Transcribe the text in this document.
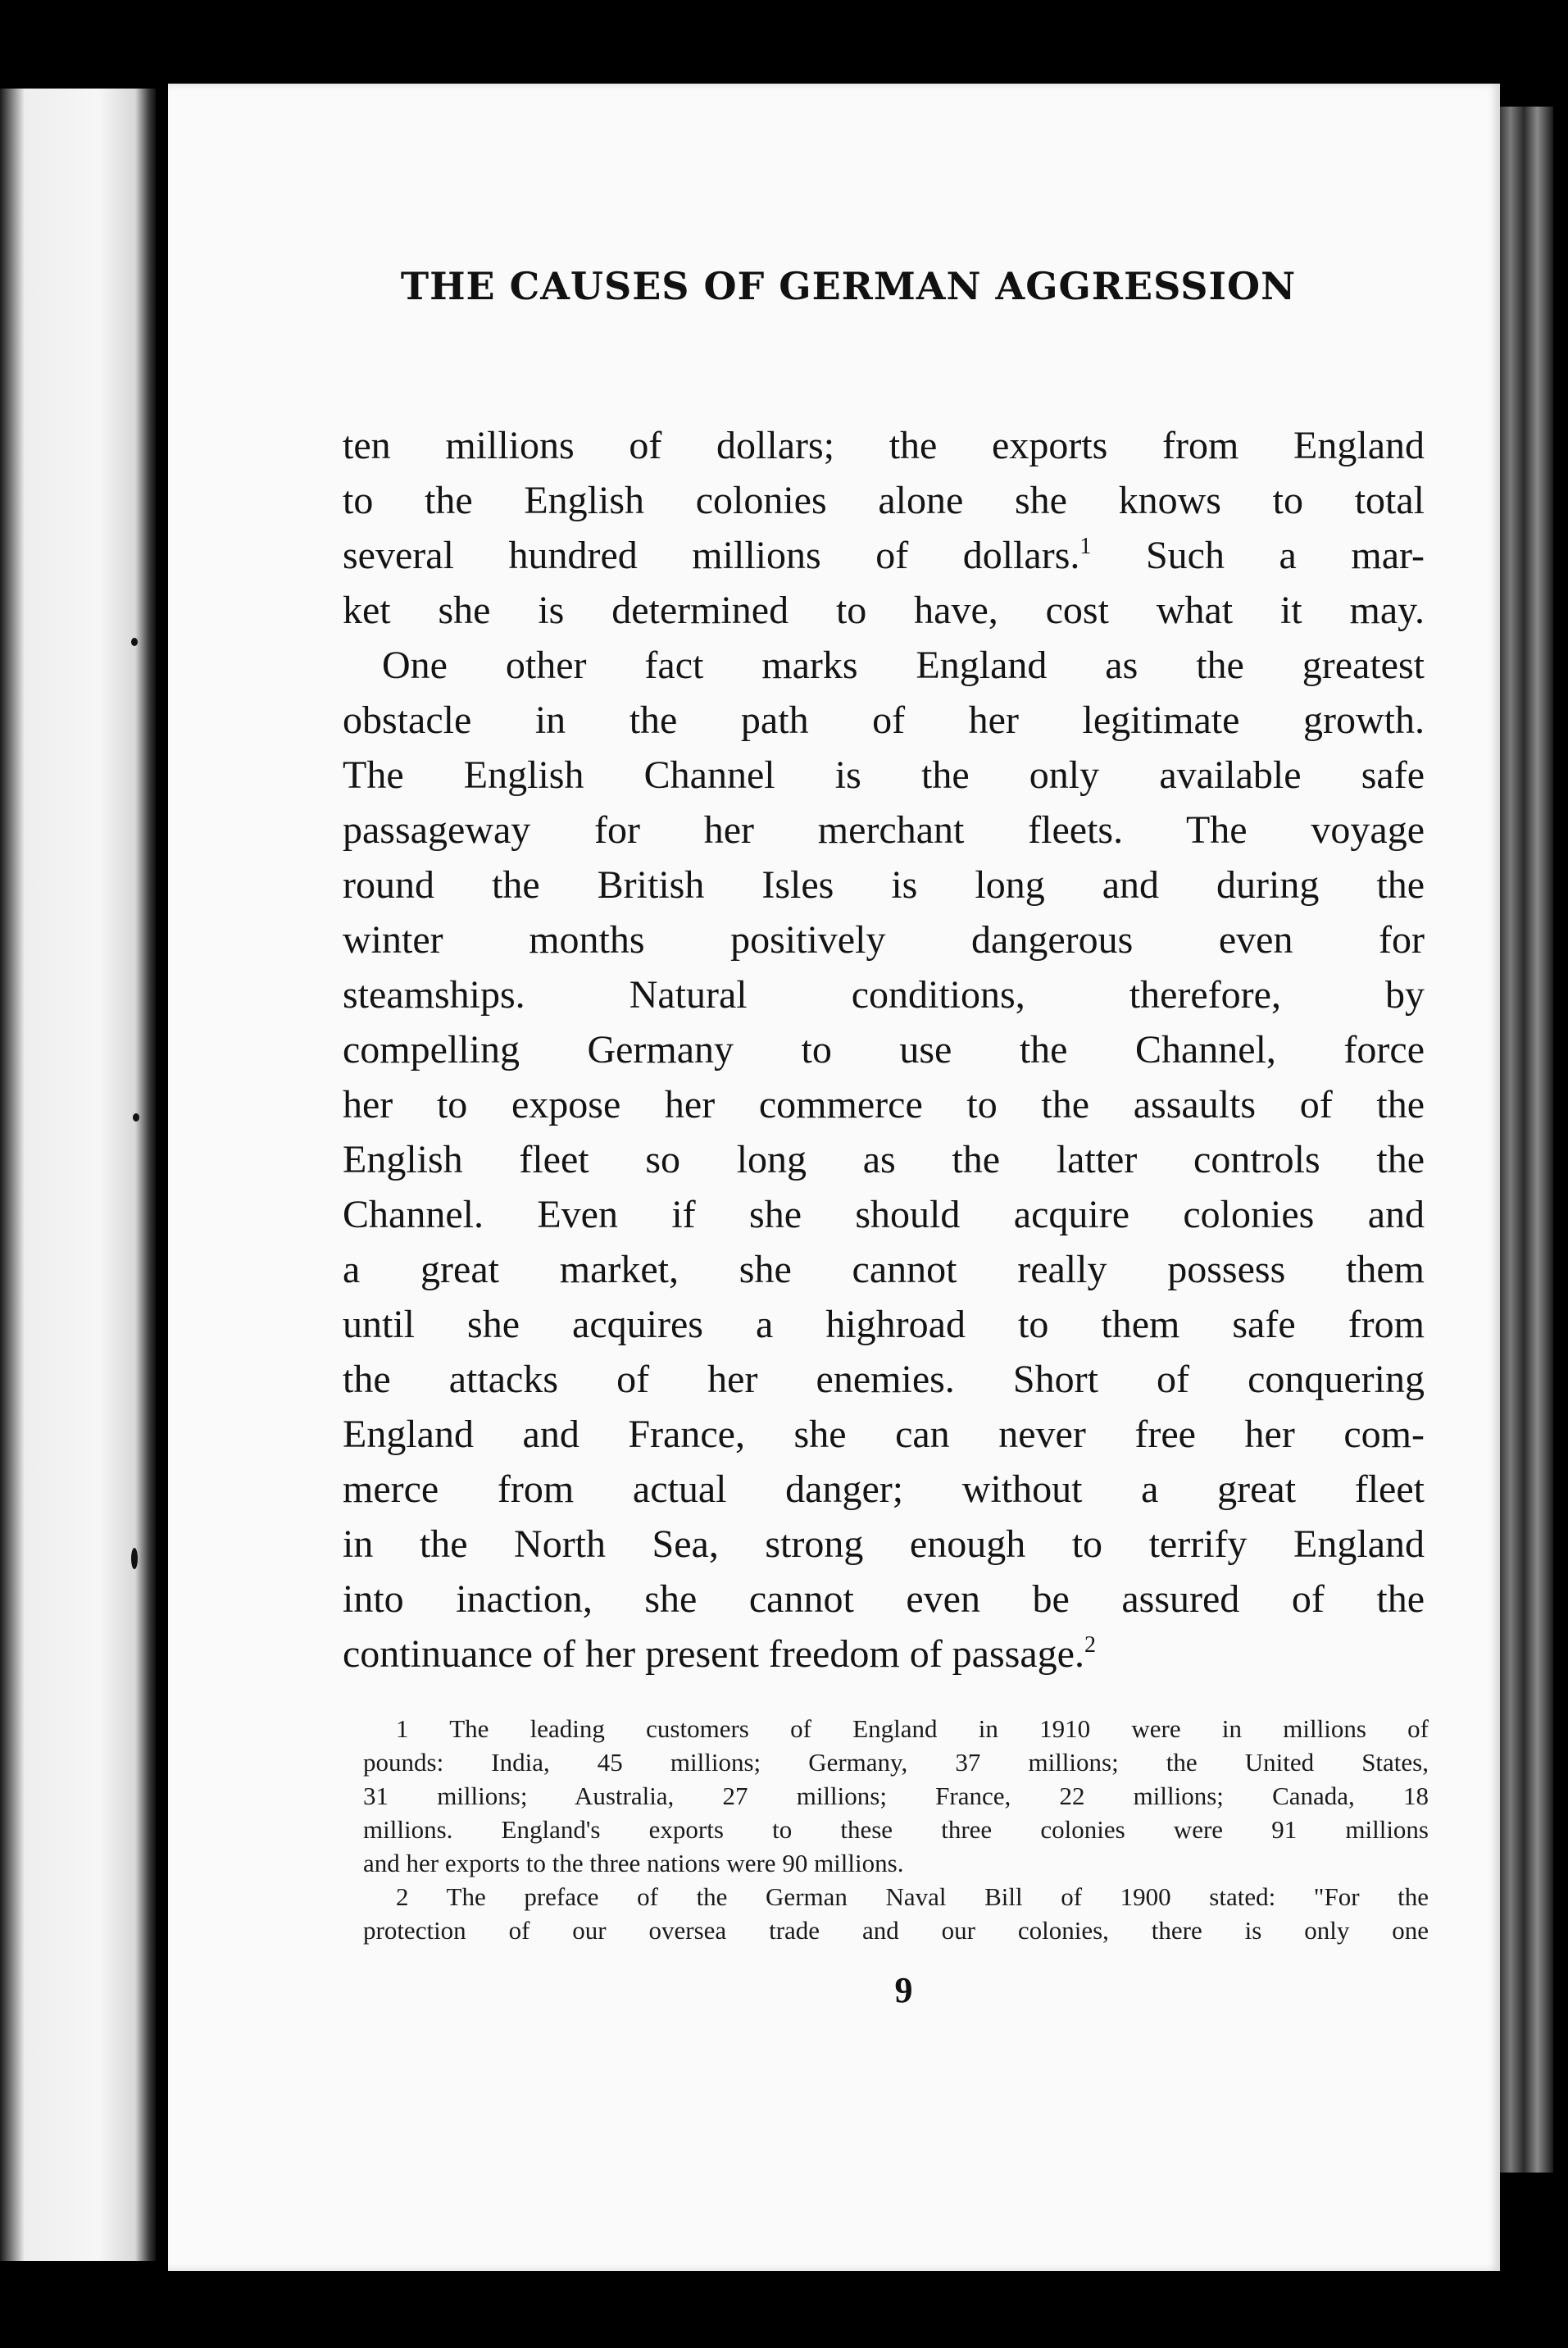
THE CAUSES OF GERMAN AGGRESSION
ten millions of dollars; the exports from England
to the English colonies alone she knows to total
several hundred millions of dollars.$^1$ Such a mar-
ket she is determined to have, cost what it may.
One other fact marks England as the greatest
obstacle in the path of her legitimate growth.
The English Channel is the only available safe
passageway for her merchant fleets. The voyage
round the British Isles is long and during the
winter months positively dangerous even for
steamships. Natural conditions, therefore, by
compelling Germany to use the Channel, force
her to expose her commerce to the assaults of the
English fleet so long as the latter controls the
Channel. Even if she should acquire colonies and
a great market, she cannot really possess them
until she acquires a highroad to them safe from
the attacks of her enemies. Short of conquering
England and France, she can never free her com-
merce from actual danger; without a great fleet
in the North Sea, strong enough to terrify England
into inaction, she cannot even be assured of the
continuance of her present freedom of passage.$^2$
1 The leading customers of England in 1910 were in millions of
pounds: India, 45 millions; Germany, 37 millions; the United States,
31 millions; Australia, 27 millions; France, 22 millions; Canada, 18
millions. England's exports to these three colonies were 91 millions
and her exports to the three nations were 90 millions.
2 The preface of the German Naval Bill of 1900 stated: "For the
protection of our oversea trade and our colonies, there is only one
9
